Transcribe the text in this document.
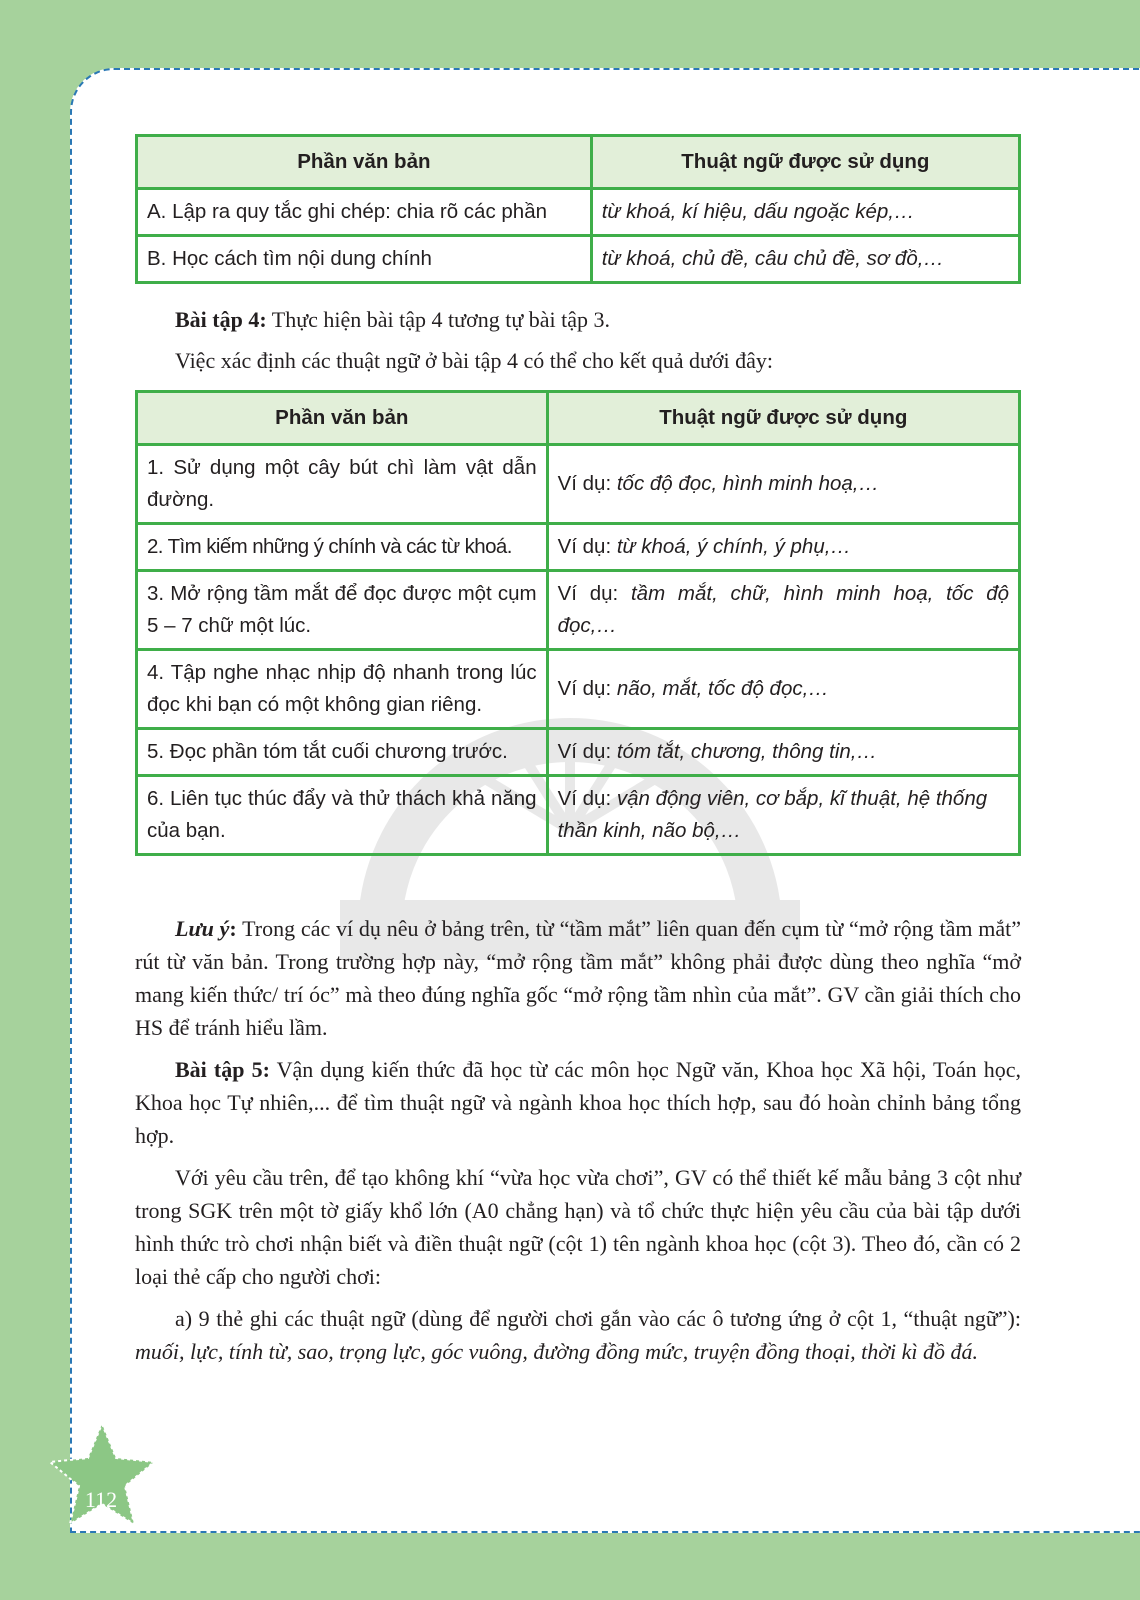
Phần văn bản	Thuật ngữ được sử dụng
A. Lập ra quy tắc ghi chép: chia rõ các phần	từ khoá, kí hiệu, dấu ngoặc kép,…
B. Học cách tìm nội dung chính	từ khoá, chủ đề, câu chủ đề, sơ đồ,…

Bài tập 4: Thực hiện bài tập 4 tương tự bài tập 3.

Việc xác định các thuật ngữ ở bài tập 4 có thể cho kết quả dưới đây:

Phần văn bản	Thuật ngữ được sử dụng
1. Sử dụng một cây bút chì làm vật dẫn đường.	Ví dụ: tốc độ đọc, hình minh hoạ,…
2. Tìm kiếm những ý chính và các từ khoá.	Ví dụ: từ khoá, ý chính, ý phụ,…
3. Mở rộng tầm mắt để đọc được một cụm 5 – 7 chữ một lúc.	Ví dụ: tầm mắt, chữ, hình minh hoạ, tốc độ đọc,…
4. Tập nghe nhạc nhịp độ nhanh trong lúc đọc khi bạn có một không gian riêng.	Ví dụ: não, mắt, tốc độ đọc,…
5. Đọc phần tóm tắt cuối chương trước.	Ví dụ: tóm tắt, chương, thông tin,…
6. Liên tục thúc đẩy và thử thách khả năng của bạn.	Ví dụ: vận động viên, cơ bắp, kĩ thuật, hệ thống thần kinh, não bộ,…

Lưu ý: Trong các ví dụ nêu ở bảng trên, từ “tầm mắt” liên quan đến cụm từ “mở rộng tầm mắt” rút từ văn bản. Trong trường hợp này, “mở rộng tầm mắt” không phải được dùng theo nghĩa “mở mang kiến thức/ trí óc” mà theo đúng nghĩa gốc “mở rộng tầm nhìn của mắt”. GV cần giải thích cho HS để tránh hiểu lầm.

Bài tập 5: Vận dụng kiến thức đã học từ các môn học Ngữ văn, Khoa học Xã hội, Toán học, Khoa học Tự nhiên,... để tìm thuật ngữ và ngành khoa học thích hợp, sau đó hoàn chỉnh bảng tổng hợp.

Với yêu cầu trên, để tạo không khí “vừa học vừa chơi”, GV có thể thiết kế mẫu bảng 3 cột như trong SGK trên một tờ giấy khổ lớn (A0 chẳng hạn) và tổ chức thực hiện yêu cầu của bài tập dưới hình thức trò chơi nhận biết và điền thuật ngữ (cột 1) tên ngành khoa học (cột 3). Theo đó, cần có 2 loại thẻ cấp cho người chơi:

a) 9 thẻ ghi các thuật ngữ (dùng để người chơi gắn vào các ô tương ứng ở cột 1, “thuật ngữ”): muối, lực, tính từ, sao, trọng lực, góc vuông, đường đồng mức, truyện đồng thoại, thời kì đồ đá.

112
